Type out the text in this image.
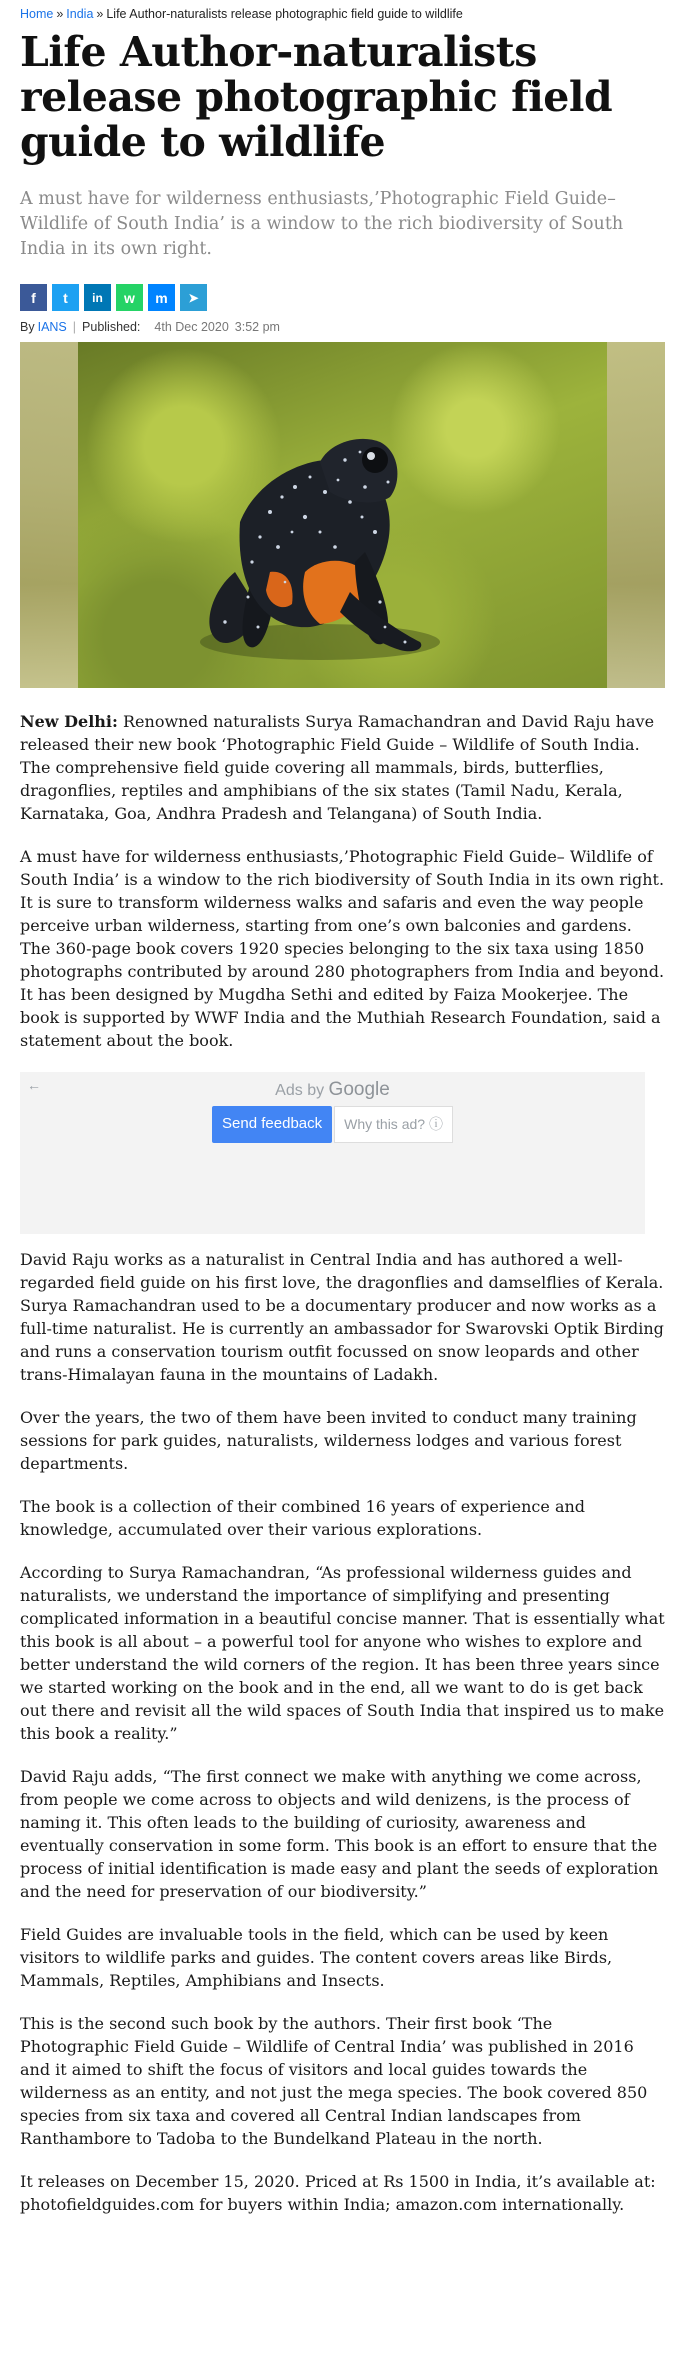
Home » India » Life Author-naturalists release photographic field guide to wildlife
Life Author-naturalists release photographic field guide to wildlife
A must have for wilderness enthusiasts,’Photographic Field Guide– Wildlife of South India’ is a window to the rich biodiversity of South India in its own right.
f	t	in	w	m	➤
By IANS | Published: 4th Dec 2020 3:52 pm

New Delhi: Renowned naturalists Surya Ramachandran and David Raju have released their new book ‘Photographic Field Guide – Wildlife of South India. The comprehensive field guide covering all mammals, birds, butterflies, dragonflies, reptiles and amphibians of the six states (Tamil Nadu, Kerala, Karnataka, Goa, Andhra Pradesh and Telangana) of South India.

A must have for wilderness enthusiasts,’Photographic Field Guide– Wildlife of South India’ is a window to the rich biodiversity of South India in its own right. It is sure to transform wilderness walks and safaris and even the way people perceive urban wilderness, starting from one’s own balconies and gardens. The 360-page book covers 1920 species belonging to the six taxa using 1850 photographs contributed by around 280 photographers from India and beyond. It has been designed by Mugdha Sethi and edited by Faiza Mookerjee. The book is supported by WWF India and the Muthiah Research Foundation, said a statement about the book.

←	Ads by Google
Send feedback	Why this ad? ⓘ

David Raju works as a naturalist in Central India and has authored a well-regarded field guide on his first love, the dragonflies and damselflies of Kerala. Surya Ramachandran used to be a documentary producer and now works as a full-time naturalist. He is currently an ambassador for Swarovski Optik Birding and runs a conservation tourism outfit focussed on snow leopards and other trans-Himalayan fauna in the mountains of Ladakh.

Over the years, the two of them have been invited to conduct many training sessions for park guides, naturalists, wilderness lodges and various forest departments.

The book is a collection of their combined 16 years of experience and knowledge, accumulated over their various explorations.

According to Surya Ramachandran, “As professional wilderness guides and naturalists, we understand the importance of simplifying and presenting complicated information in a beautiful concise manner. That is essentially what this book is all about – a powerful tool for anyone who wishes to explore and better understand the wild corners of the region. It has been three years since we started working on the book and in the end, all we want to do is get back out there and revisit all the wild spaces of South India that inspired us to make this book a reality.”

David Raju adds, “The first connect we make with anything we come across, from people we come across to objects and wild denizens, is the process of naming it. This often leads to the building of curiosity, awareness and eventually conservation in some form. This book is an effort to ensure that the process of initial identification is made easy and plant the seeds of exploration and the need for preservation of our biodiversity.”

Field Guides are invaluable tools in the field, which can be used by keen visitors to wildlife parks and guides. The content covers areas like Birds, Mammals, Reptiles, Amphibians and Insects.

This is the second such book by the authors. Their first book ‘The Photographic Field Guide – Wildlife of Central India’ was published in 2016 and it aimed to shift the focus of visitors and local guides towards the wilderness as an entity, and not just the mega species. The book covered 850 species from six taxa and covered all Central Indian landscapes from Ranthambore to Tadoba to the Bundelkand Plateau in the north.

It releases on December 15, 2020. Priced at Rs 1500 in India, it’s available at: photofieldguides.com for buyers within India; amazon.com internationally.
